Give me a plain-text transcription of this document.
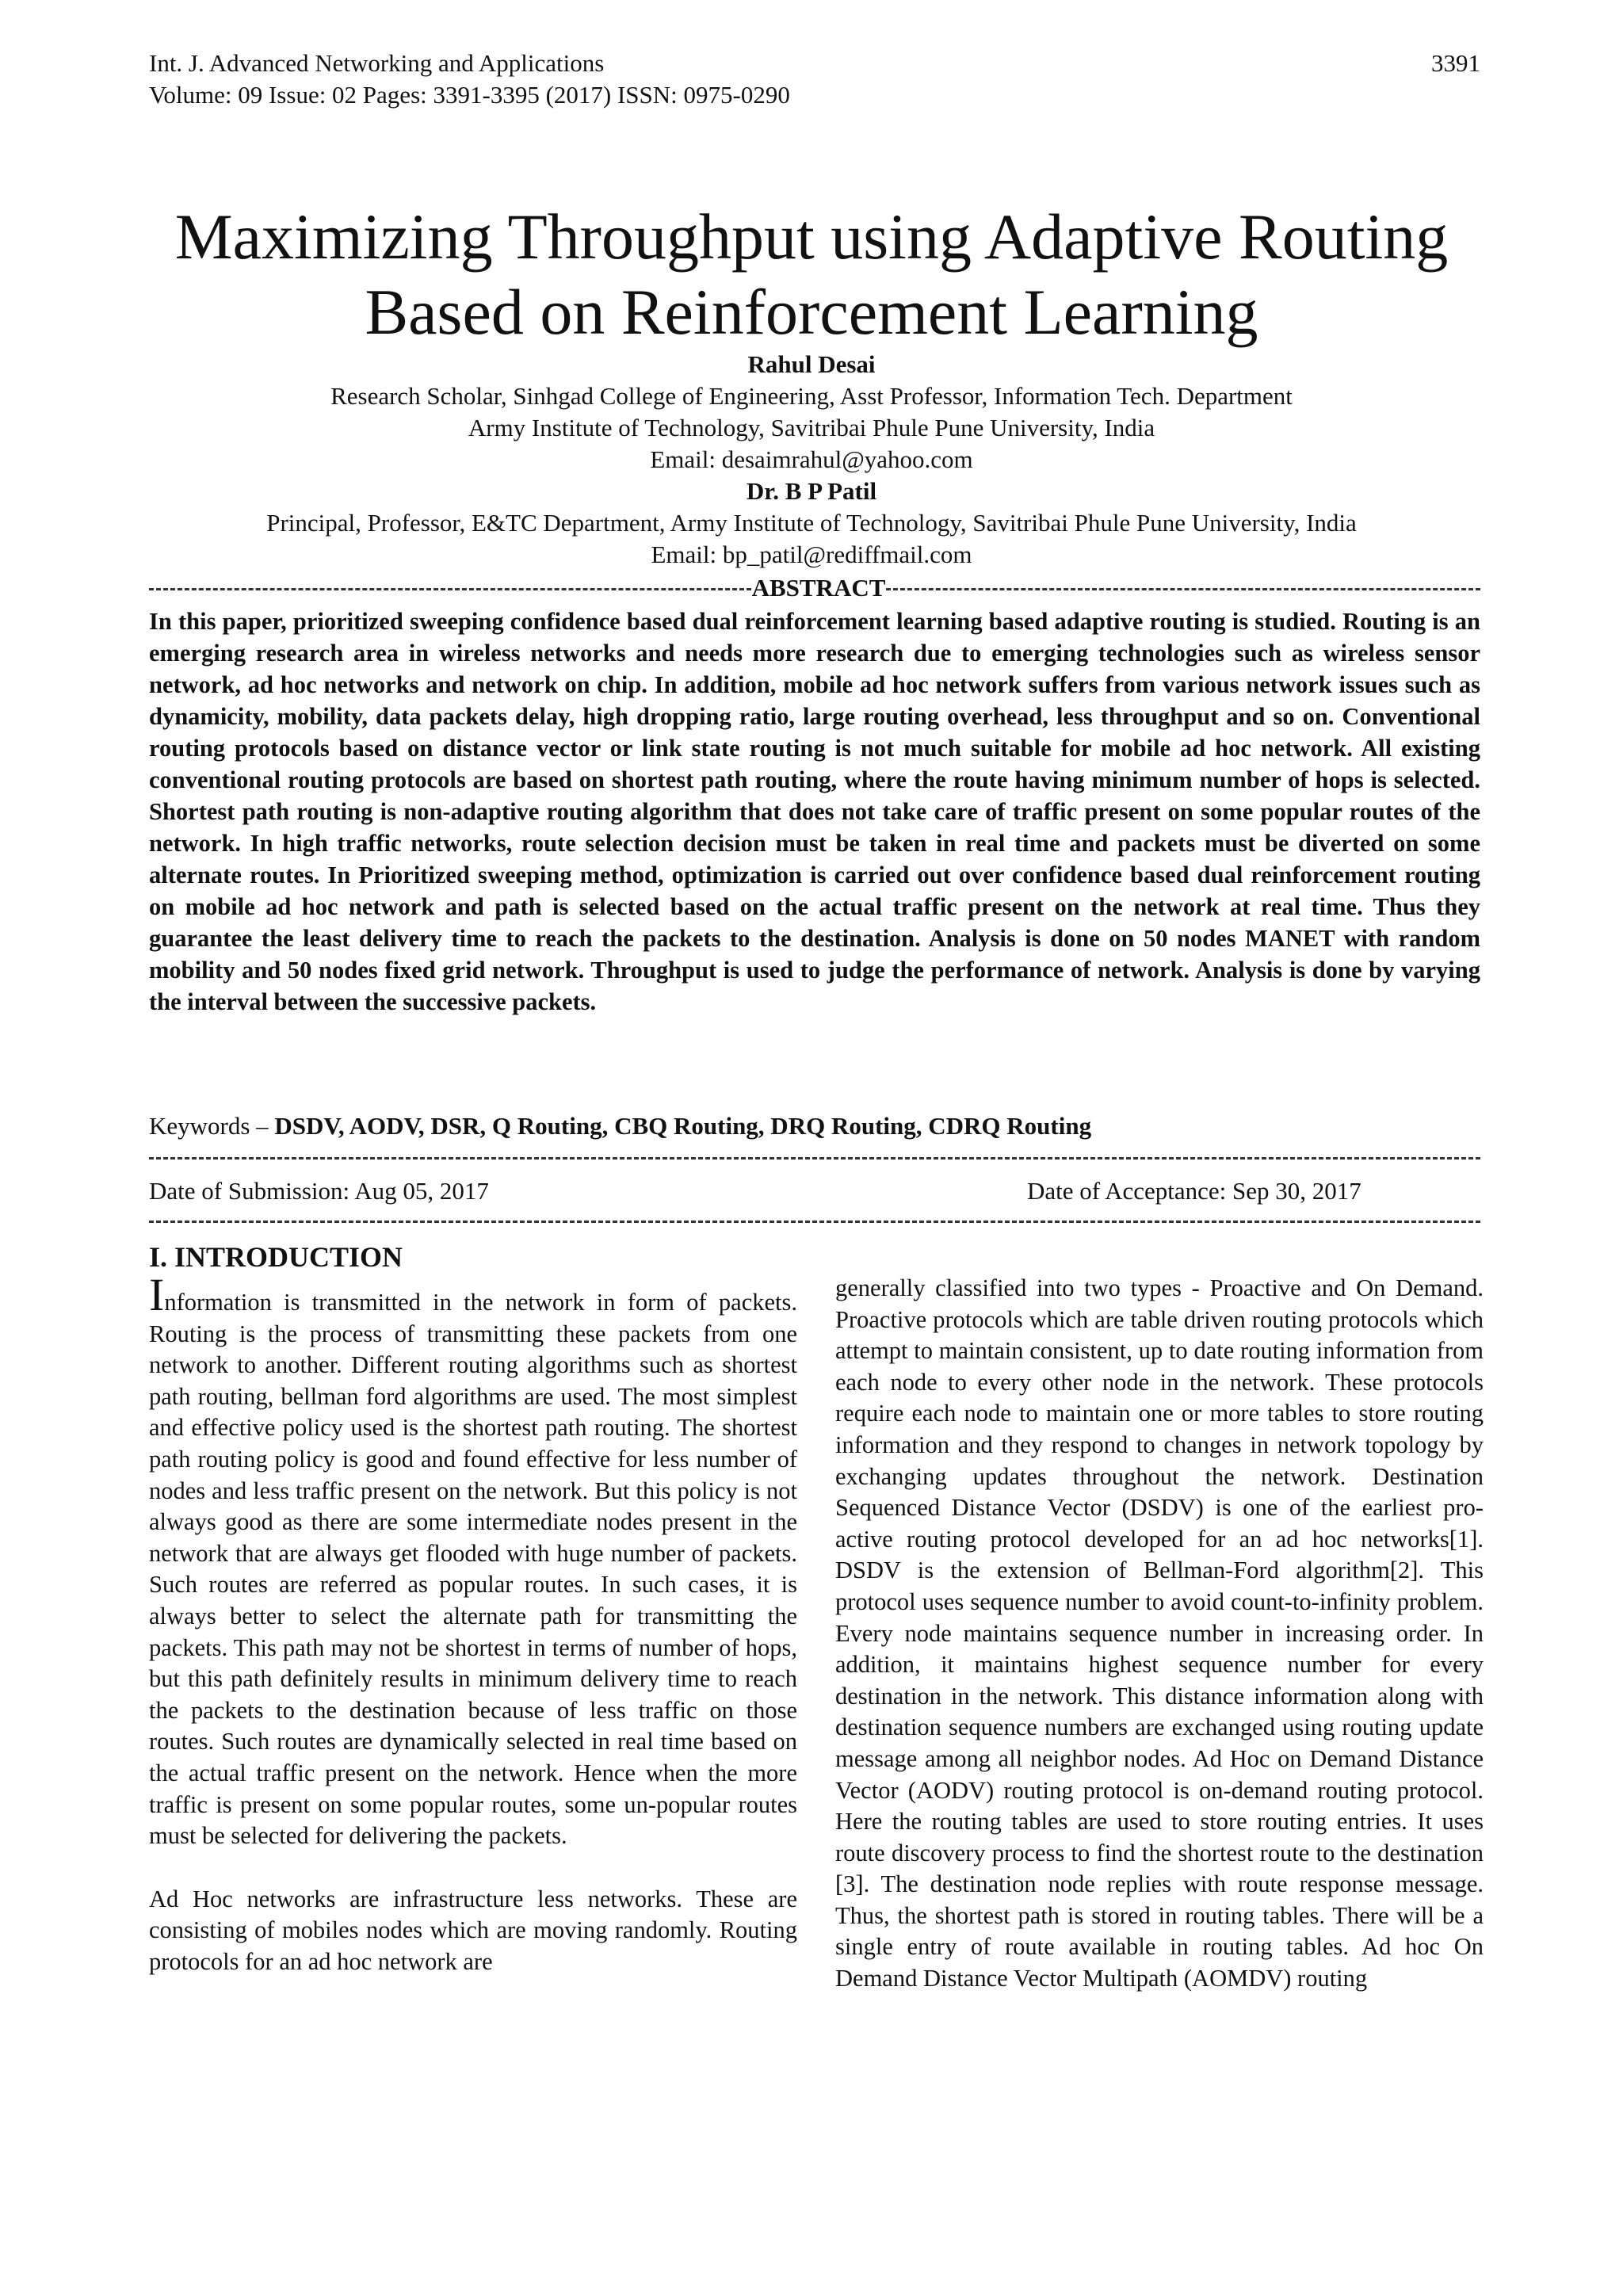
Int. J. Advanced Networking and Applications
Volume: 09 Issue: 02 Pages: 3391-3395 (2017) ISSN: 0975-0290
3391
Maximizing Throughput using Adaptive Routing
Based on Reinforcement Learning
Rahul Desai
Research Scholar, Sinhgad College of Engineering, Asst Professor, Information Tech. Department
Army Institute of Technology, Savitribai Phule Pune University, India
Email: desaimrahul@yahoo.com
Dr. B P Patil
Principal, Professor, E&TC Department, Army Institute of Technology, Savitribai Phule Pune University, India
Email: bp_patil@rediffmail.com
ABSTRACT
In this paper, prioritized sweeping confidence based dual reinforcement learning based adaptive routing is studied. Routing is an emerging research area in wireless networks and needs more research due to emerging technologies such as wireless sensor network, ad hoc networks and network on chip. In addition, mobile ad hoc network suffers from various network issues such as dynamicity, mobility, data packets delay, high dropping ratio, large routing overhead, less throughput and so on. Conventional routing protocols based on distance vector or link state routing is not much suitable for mobile ad hoc network. All existing conventional routing protocols are based on shortest path routing, where the route having minimum number of hops is selected. Shortest path routing is non-adaptive routing algorithm that does not take care of traffic present on some popular routes of the network. In high traffic networks, route selection decision must be taken in real time and packets must be diverted on some alternate routes. In Prioritized sweeping method, optimization is carried out over confidence based dual reinforcement routing on mobile ad hoc network and path is selected based on the actual traffic present on the network at real time. Thus they guarantee the least delivery time to reach the packets to the destination. Analysis is done on 50 nodes MANET with random mobility and 50 nodes fixed grid network. Throughput is used to judge the performance of network. Analysis is done by varying the interval between the successive packets.
Keywords – DSDV, AODV, DSR, Q Routing, CBQ Routing, DRQ Routing, CDRQ Routing
Date of Submission: Aug 05, 2017	Date of Acceptance: Sep 30, 2017
I. INTRODUCTION

Information is transmitted in the network in form of packets. Routing is the process of transmitting these packets from one network to another. Different routing algorithms such as shortest path routing, bellman ford algorithms are used. The most simplest and effective policy used is the shortest path routing. The shortest path routing policy is good and found effective for less number of nodes and less traffic present on the network. But this policy is not always good as there are some intermediate nodes present in the network that are always get flooded with huge number of packets. Such routes are referred as popular routes. In such cases, it is always better to select the alternate path for transmitting the packets. This path may not be shortest in terms of number of hops, but this path definitely results in minimum delivery time to reach the packets to the destination because of less traffic on those routes. Such routes are dynamically selected in real time based on the actual traffic present on the network. Hence when the more traffic is present on some popular routes, some un-popular routes must be selected for delivering the packets.

Ad Hoc networks are infrastructure less networks. These are consisting of mobiles nodes which are moving randomly. Routing protocols for an ad hoc network are

generally classified into two types - Proactive and On Demand. Proactive protocols which are table driven routing protocols which attempt to maintain consistent, up to date routing information from each node to every other node in the network. These protocols require each node to maintain one or more tables to store routing information and they respond to changes in network topology by exchanging updates throughout the network. Destination Sequenced Distance Vector (DSDV) is one of the earliest pro-active routing protocol developed for an ad hoc networks[1]. DSDV is the extension of Bellman-Ford algorithm[2]. This protocol uses sequence number to avoid count-to-infinity problem. Every node maintains sequence number in increasing order. In addition, it maintains highest sequence number for every destination in the network. This distance information along with destination sequence numbers are exchanged using routing update message among all neighbor nodes. Ad Hoc on Demand Distance Vector (AODV) routing protocol is on-demand routing protocol. Here the routing tables are used to store routing entries. It uses route discovery process to find the shortest route to the destination [3]. The destination node replies with route response message. Thus, the shortest path is stored in routing tables. There will be a single entry of route available in routing tables. Ad hoc On Demand Distance Vector Multipath (AOMDV) routing
